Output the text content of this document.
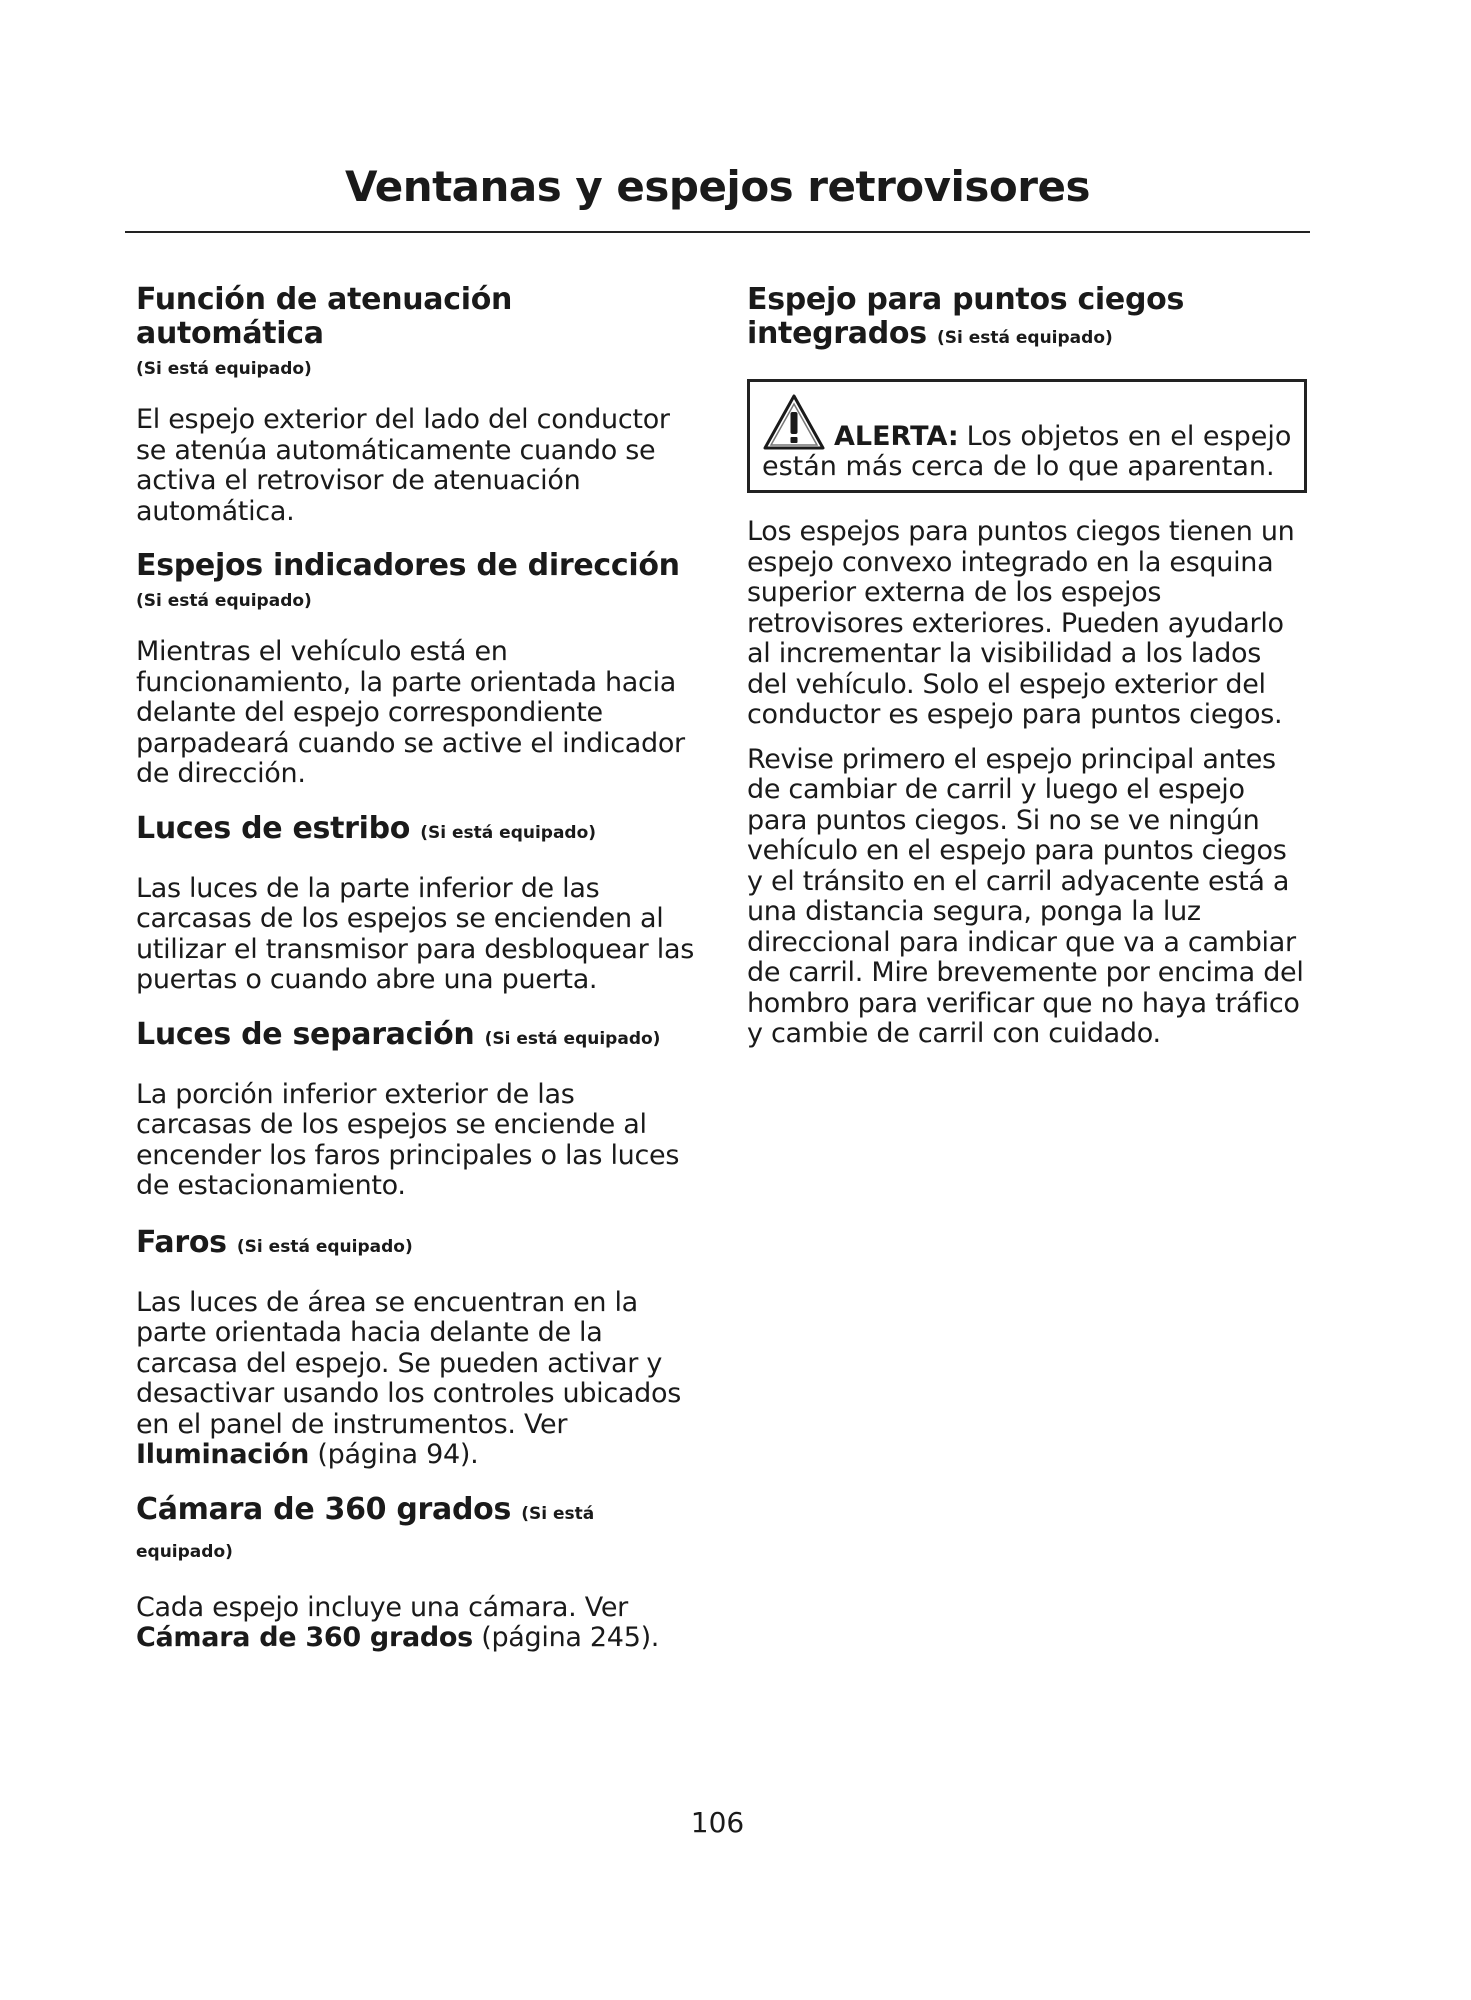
Ventanas y espejos retrovisores
Función de atenuación automática
(Si está equipado)

El espejo exterior del lado del conductor se atenúa automáticamente cuando se activa el retrovisor de atenuación automática.

Espejos indicadores de dirección
(Si está equipado)

Mientras el vehículo está en funcionamiento, la parte orientada hacia delante del espejo correspondiente parpadeará cuando se active el indicador de dirección.

Luces de estribo (Si está equipado)

Las luces de la parte inferior de las carcasas de los espejos se encienden al utilizar el transmisor para desbloquear las puertas o cuando abre una puerta.

Luces de separación (Si está equipado)

La porción inferior exterior de las carcasas de los espejos se enciende al encender los faros principales o las luces de estacionamiento.

Faros (Si está equipado)

Las luces de área se encuentran en la parte orientada hacia delante de la carcasa del espejo. Se pueden activar y desactivar usando los controles ubicados en el panel de instrumentos. Ver Iluminación (página 94).

Cámara de 360 grados (Si está equipado)

Cada espejo incluye una cámara. Ver Cámara de 360 grados (página 245).

Espejo para puntos ciegos
integrados (Si está equipado)
ALERTA: Los objetos en el espejo
están más cerca de lo que aparentan.

Los espejos para puntos ciegos tienen un espejo convexo integrado en la esquina superior externa de los espejos retrovisores exteriores. Pueden ayudarlo al incrementar la visibilidad a los lados del vehículo. Solo el espejo exterior del conductor es espejo para puntos ciegos.

Revise primero el espejo principal antes de cambiar de carril y luego el espejo para puntos ciegos. Si no se ve ningún vehículo en el espejo para puntos ciegos y el tránsito en el carril adyacente está a una distancia segura, ponga la luz direccional para indicar que va a cambiar de carril. Mire brevemente por encima del hombro para verificar que no haya tráfico y cambie de carril con cuidado.

106
